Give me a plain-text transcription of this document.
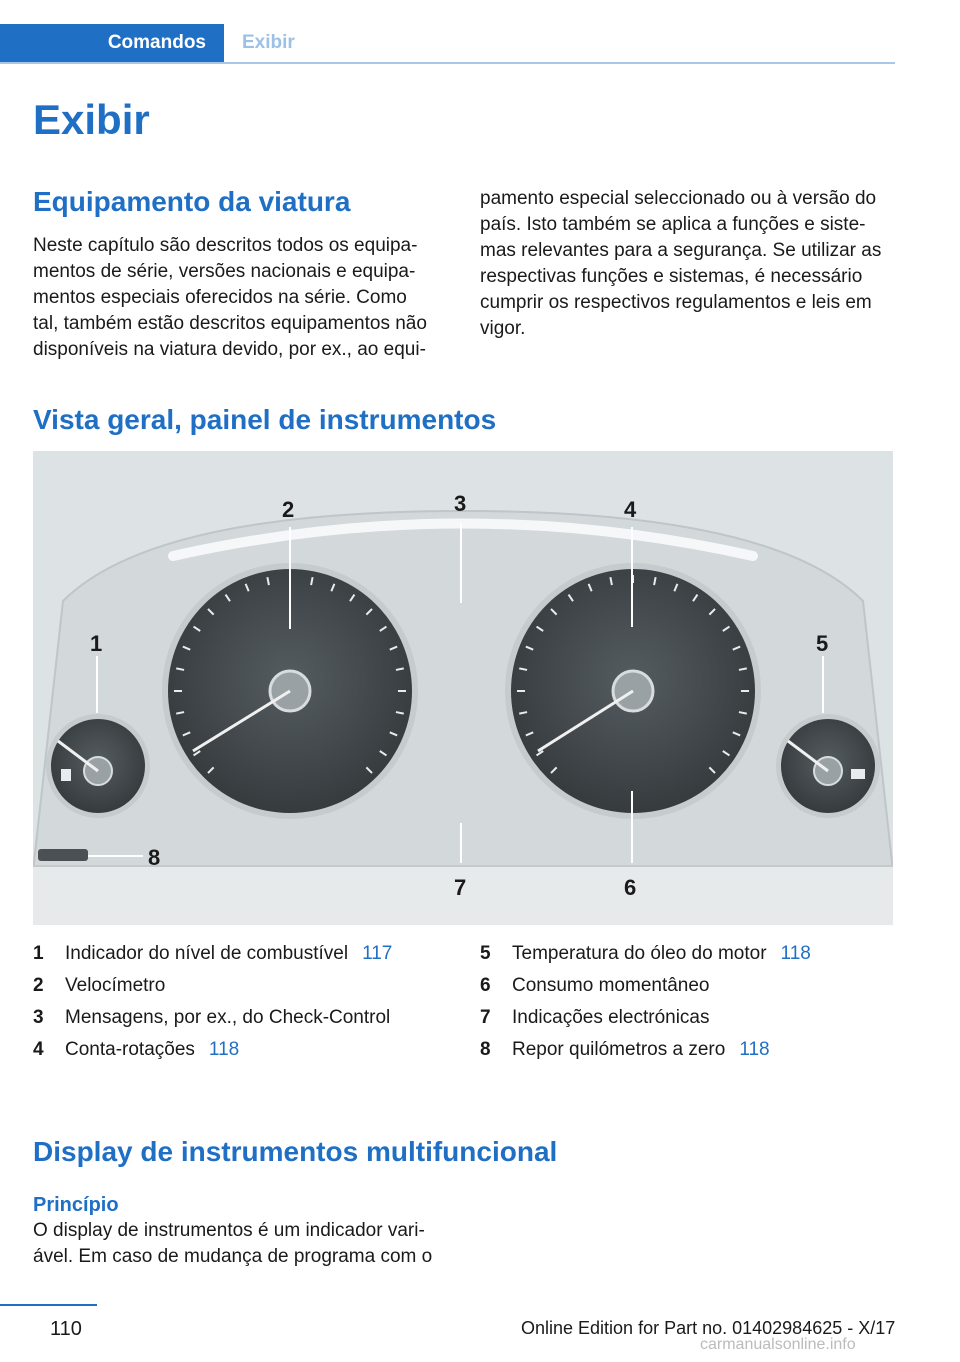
Comandos	Exibir
Exibir
Equipamento da viatura
Neste capítulo são descritos todos os equipa-
mentos de série, versões nacionais e equipa-
mentos especiais oferecidos na série. Como
tal, também estão descritos equipamentos não
disponíveis na viatura devido, por ex., ao equi-
pamento especial seleccionado ou à versão do
país. Isto também se aplica a funções e siste-
mas relevantes para a segurança. Se utilizar as
respectivas funções e sistemas, é necessário
cumprir os respectivos regulamentos e leis em
vigor.
Vista geral, painel de instrumentos
1
2	3	4
5
6
7
8
1	Indicador do nível de combustível 117
2	Velocímetro
3	Mensagens, por ex., do Check-Control
4	Conta-rotações 118
5	Temperatura do óleo do motor 118
6	Consumo momentâneo
7	Indicações electrónicas
8	Repor quilómetros a zero 118
Display de instrumentos multifuncional
Princípio
O display de instrumentos é um indicador vari-
ável. Em caso de mudança de programa com o
110	Online Edition for Part no. 01402984625 - X/17
carmanualsonline.info
